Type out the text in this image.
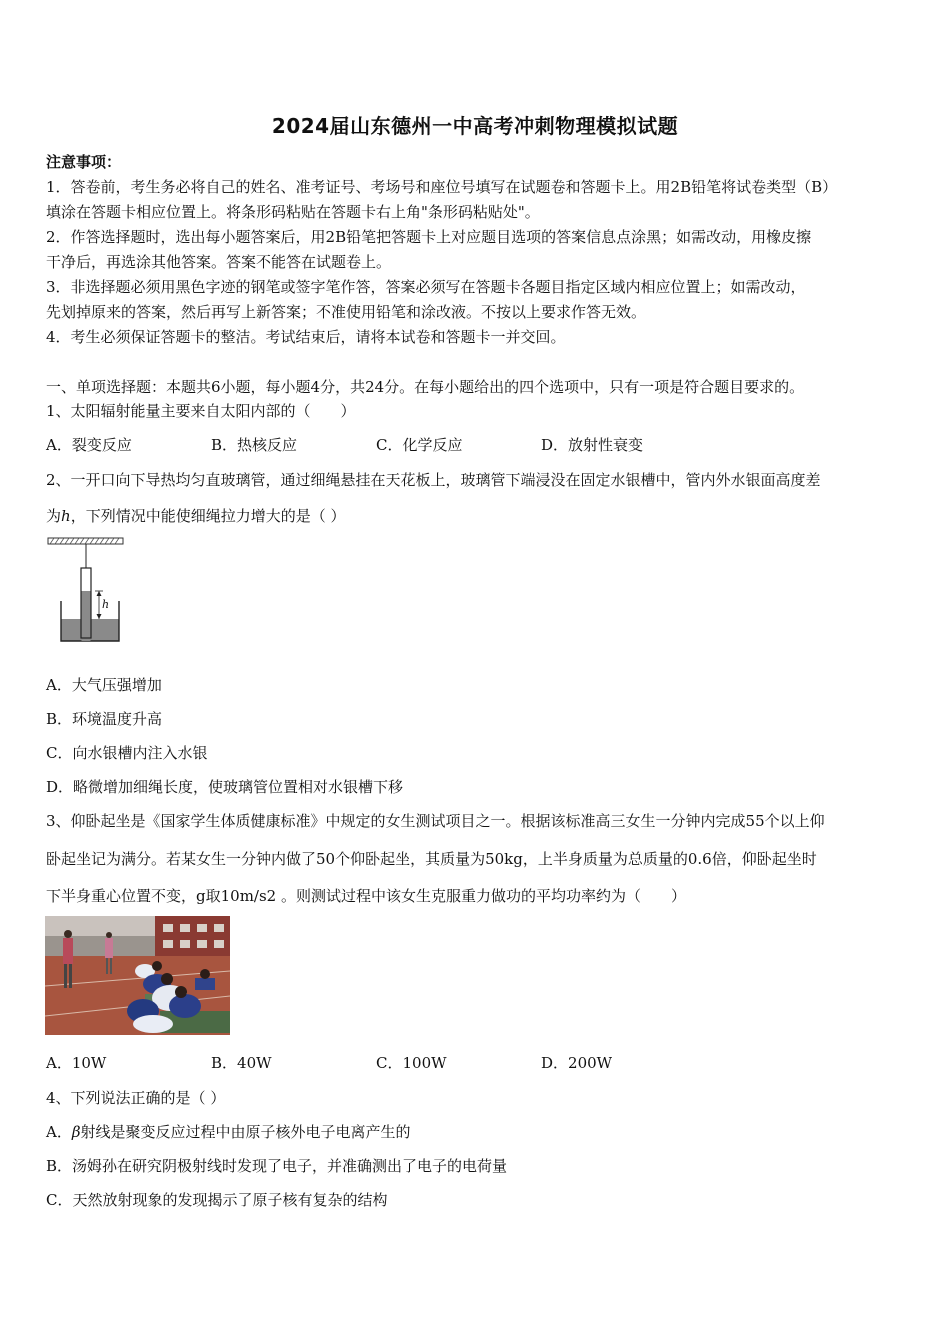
2024届山东德州一中高考冲刺物理模拟试题
注意事项：
1．答卷前，考生务必将自己的姓名、准考证号、考场号和座位号填写在试题卷和答题卡上。用2B铅笔将试卷类型（B）
填涂在答题卡相应位置上。将条形码粘贴在答题卡右上角"条形码粘贴处"。
2．作答选择题时，选出每小题答案后，用2B铅笔把答题卡上对应题目选项的答案信息点涂黑；如需改动，用橡皮擦
干净后，再选涂其他答案。答案不能答在试题卷上。
3．非选择题必须用黑色字迹的钢笔或签字笔作答，答案必须写在答题卡各题目指定区域内相应位置上；如需改动，
先划掉原来的答案，然后再写上新答案；不准使用铅笔和涂改液。不按以上要求作答无效。
4．考生必须保证答题卡的整洁。考试结束后，请将本试卷和答题卡一并交回。
一、单项选择题：本题共6小题，每小题4分，共24分。在每小题给出的四个选项中，只有一项是符合题目要求的。
1、太阳辐射能量主要来自太阳内部的（　　）
A．裂变反应	B．热核反应	C．化学反应	D．放射性衰变
2、一开口向下导热均匀直玻璃管，通过细绳悬挂在天花板上，玻璃管下端浸没在固定水银槽中，管内外水银面高度差
为h，下列情况中能使细绳拉力增大的是（ ）
h
A．大气压强增加
B．环境温度升高
C．向水银槽内注入水银
D．略微增加细绳长度，使玻璃管位置相对水银槽下移
3、仰卧起坐是《国家学生体质健康标准》中规定的女生测试项目之一。根据该标准高三女生一分钟内完成55个以上仰
卧起坐记为满分。若某女生一分钟内做了50个仰卧起坐，其质量为50kg，上半身质量为总质量的0.6倍，仰卧起坐时
下半身重心位置不变，g取10m/s2 。则测试过程中该女生克服重力做功的平均功率约为（　　）
A．10W	B．40W	C．100W	D．200W
4、下列说法正确的是（ ）
A．β射线是聚变反应过程中由原子核外电子电离产生的
B．汤姆孙在研究阴极射线时发现了电子，并准确测出了电子的电荷量
C．天然放射现象的发现揭示了原子核有复杂的结构
